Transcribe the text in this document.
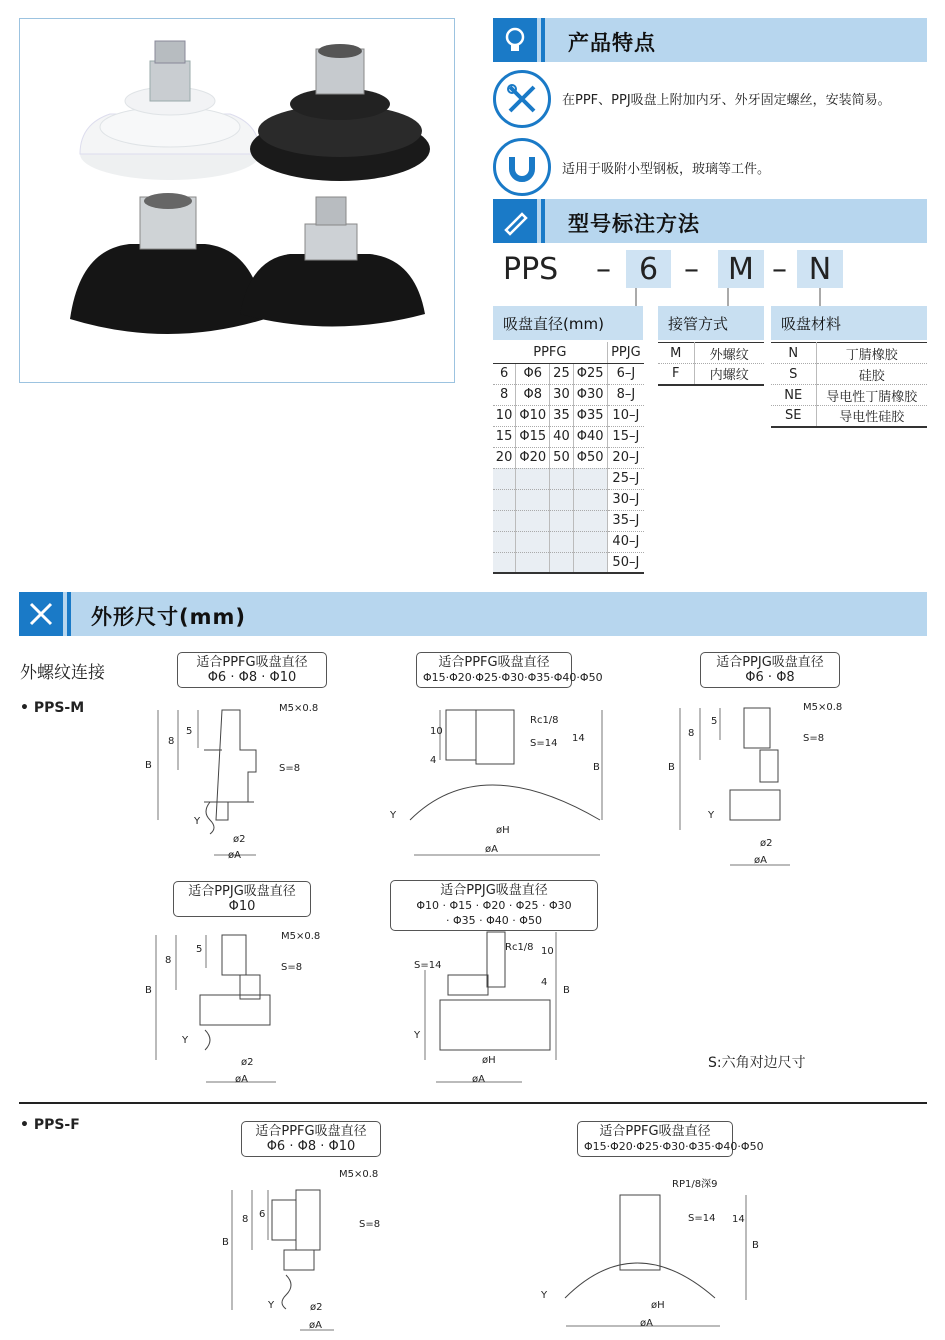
产品特点
在PPF、PPJ吸盘上附加内牙、外牙固定螺丝，安装简易。
适用于吸附小型钢板，玻璃等工件。
型号标注方法
PPS – 6 – M – N
吸盘直径(mm)
PPFG				PPJG
6	Φ6	25	Φ25	6–J
8	Φ8	30	Φ30	8–J
10	Φ10	35	Φ35	10–J
15	Φ15	40	Φ40	15–J
20	Φ20	50	Φ50	20–J
				25–J
				30–J
				35–J
				40–J
				50–J
接管方式
M	外螺纹
F	内螺纹
吸盘材料
N	丁腈橡胶
S	硅胶
NE	导电性丁腈橡胶
SE	导电性硅胶
外形尺寸(mm)
外螺纹连接
• PPS-M
适合PPFG吸盘直径
Φ6 · Φ8 · Φ10
适合PPFG吸盘直径
Φ15·Φ20·Φ25·Φ30·Φ35·Φ40·Φ50
适合PPJG吸盘直径
Φ6 · Φ8
适合PPJG吸盘直径
Φ10
适合PPJG吸盘直径
Φ10 · Φ15 · Φ20 · Φ25 · Φ30
· Φ35 · Φ40 · Φ50
适合PPFG吸盘直径
Φ6 · Φ8 · Φ10
适合PPFG吸盘直径
Φ15·Φ20·Φ25·Φ30·Φ35·Φ40·Φ50
M5×0.8
S=8
B
8
5
Y
ø2
øA
Rc1/8
S=14
10
4
14
B
Y
øH
øA
M5×0.8
S=8
B
8
5
Y
ø2
øA
M5×0.8
S=8
B
8
5
Y
ø2
øA
Rc1/8
S=14
10
4
B
Y
øH
øA
S:六角对边尺寸
• PPS-F
M5×0.8
S=8
B
8 6
Y	ø2
øA
RP1/8深9
S=14 14
B
Y
øH
øA
